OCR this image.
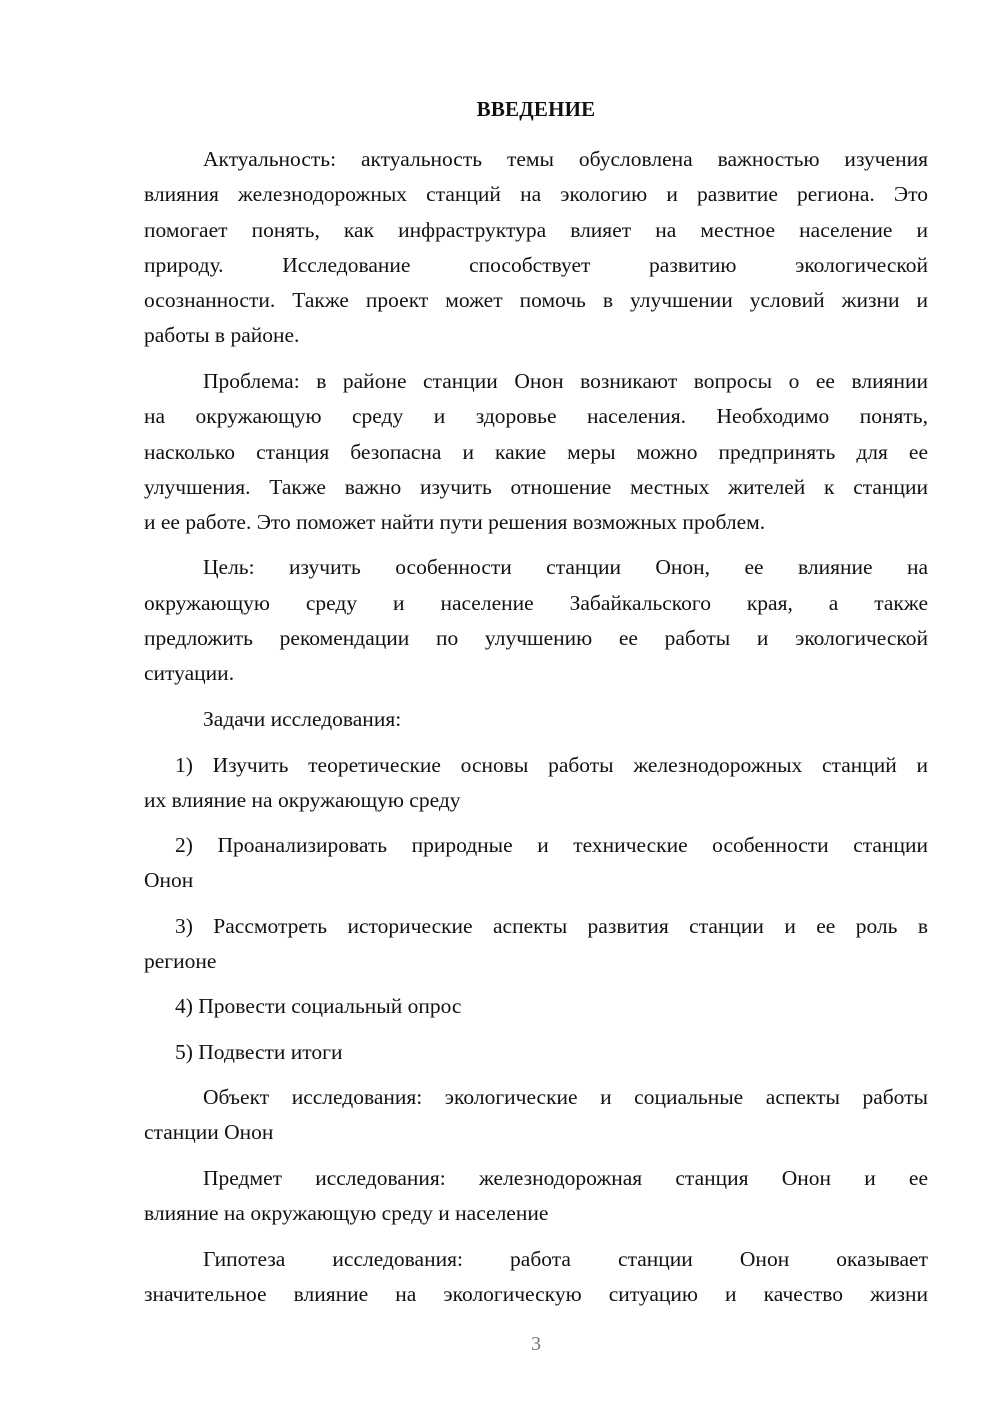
ВВЕДЕНИЕ
Актуальность: актуальность темы обусловлена важностью изучения
влияния железнодорожных станций на экологию и развитие региона. Это
помогает понять, как инфраструктура влияет на местное население и
природу. Исследование способствует развитию экологической
осознанности. Также проект может помочь в улучшении условий жизни и
работы в районе.
Проблема: в районе станции Онон возникают вопросы о ее влиянии
на окружающую среду и здоровье населения. Необходимо понять,
насколько станция безопасна и какие меры можно предпринять для ее
улучшения. Также важно изучить отношение местных жителей к станции
и ее работе. Это поможет найти пути решения возможных проблем.
Цель: изучить особенности станции Онон, ее влияние на
окружающую среду и население Забайкальского края, а также
предложить рекомендации по улучшению ее работы и экологической
ситуации.
Задачи исследования:
1) Изучить теоретические основы работы железнодорожных станций и
их влияние на окружающую среду
2) Проанализировать природные и технические особенности станции
Онон
3) Рассмотреть исторические аспекты развития станции и ее роль в
регионе
4) Провести социальный опрос
5) Подвести итоги
Объект исследования: экологические и социальные аспекты работы
станции Онон
Предмет исследования: железнодорожная станция Онон и ее
влияние на окружающую среду и население
Гипотеза исследования: работа станции Онон оказывает
значительное влияние на экологическую ситуацию и качество жизни
3
